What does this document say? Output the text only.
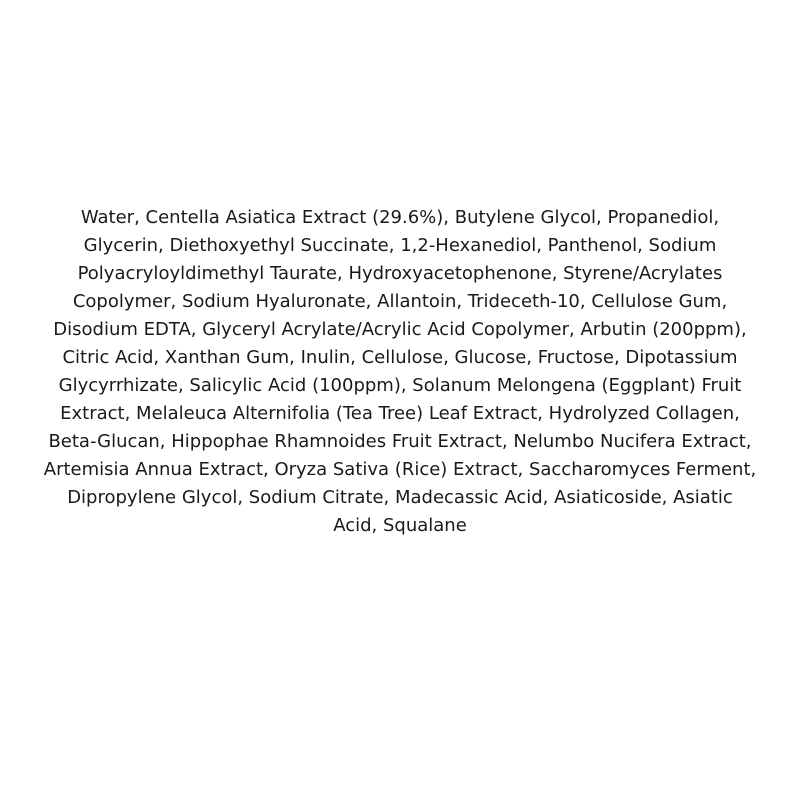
Water, Centella Asiatica Extract (29.6%), Butylene Glycol, Propanediol,
Glycerin, Diethoxyethyl Succinate, 1,2-Hexanediol, Panthenol, Sodium
Polyacryloyldimethyl Taurate, Hydroxyacetophenone, Styrene/Acrylates
Copolymer, Sodium Hyaluronate, Allantoin, Trideceth-10, Cellulose Gum,
Disodium EDTA, Glyceryl Acrylate/Acrylic Acid Copolymer, Arbutin (200ppm),
Citric Acid, Xanthan Gum, Inulin, Cellulose, Glucose, Fructose, Dipotassium
Glycyrrhizate, Salicylic Acid (100ppm), Solanum Melongena (Eggplant) Fruit
Extract, Melaleuca Alternifolia (Tea Tree) Leaf Extract, Hydrolyzed Collagen,
Beta-Glucan, Hippophae Rhamnoides Fruit Extract, Nelumbo Nucifera Extract,
Artemisia Annua Extract, Oryza Sativa (Rice) Extract, Saccharomyces Ferment,
Dipropylene Glycol, Sodium Citrate, Madecassic Acid, Asiaticoside, Asiatic
Acid, Squalane
